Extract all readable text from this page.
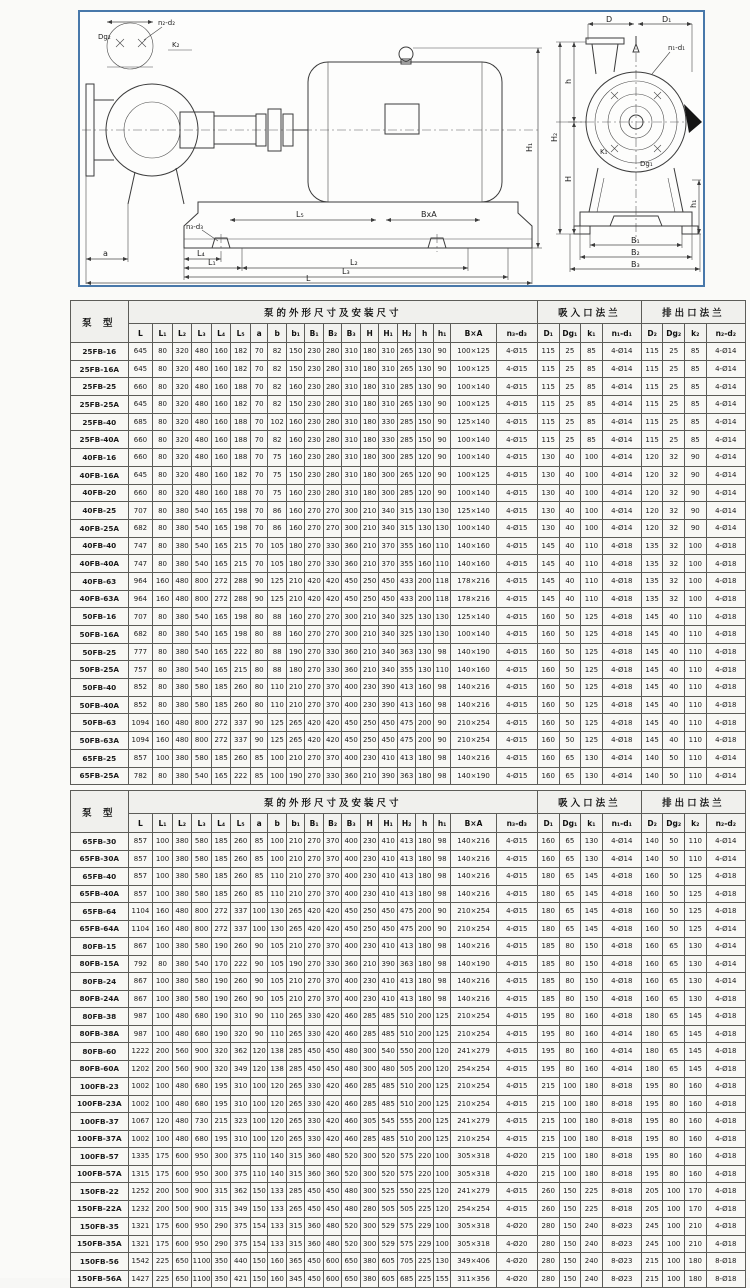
Dg₂
n₂-d₂
K₂
L₅	BxA
n₃-d₃
a	L₄
L₁	L₂
L₃
L
H₁
D	D₁
n₁-d₁
K₁
Dg₁
h
H
H₂
h₁
B₁
B₂
B₃
泵 型	泵的外形尺寸及安装尺寸																			吸入口法兰				排出口法兰			
	L	L₁	L₂	L₃	L₄	L₅	a	b	b₁	B₁	B₂	B₃	H	H₁	H₂	h	h₁	B×A	n₃-d₃	D₁	Dg₁	k₁	n₁-d₁	D₂	Dg₂	k₂	n₂-d₂
25FB-16	645	80	320	480	160	182	70	82	150	230	280	310	180	310	265	130	90	100×125	4-Ø15	115	25	85	4-Ø14	115	25	85	4-Ø14
25FB-16A	645	80	320	480	160	182	70	82	150	230	280	310	180	310	265	130	90	100×125	4-Ø15	115	25	85	4-Ø14	115	25	85	4-Ø14
25FB-25	660	80	320	480	160	188	70	82	160	230	280	310	180	310	285	130	90	100×140	4-Ø15	115	25	85	4-Ø14	115	25	85	4-Ø14
25FB-25A	645	80	320	480	160	182	70	82	150	230	280	310	180	310	265	130	90	100×125	4-Ø15	115	25	85	4-Ø14	115	25	85	4-Ø14
25FB-40	685	80	320	480	160	188	70	102	160	230	280	310	180	330	285	150	90	125×140	4-Ø15	115	25	85	4-Ø14	115	25	85	4-Ø14
25FB-40A	660	80	320	480	160	188	70	82	160	230	280	310	180	330	285	150	90	100×140	4-Ø15	115	25	85	4-Ø14	115	25	85	4-Ø14
40FB-16	660	80	320	480	160	188	70	75	160	230	280	310	180	300	285	120	90	100×140	4-Ø15	130	40	100	4-Ø14	120	32	90	4-Ø14
40FB-16A	645	80	320	480	160	182	70	75	150	230	280	310	180	300	265	120	90	100×125	4-Ø15	130	40	100	4-Ø14	120	32	90	4-Ø14
40FB-20	660	80	320	480	160	188	70	75	160	230	280	310	180	300	285	120	90	100×140	4-Ø15	130	40	100	4-Ø14	120	32	90	4-Ø14
40FB-25	707	80	380	540	165	198	70	86	160	270	270	300	210	340	315	130	130	125×140	4-Ø15	130	40	100	4-Ø14	120	32	90	4-Ø14
40FB-25A	682	80	380	540	165	198	70	86	160	270	270	300	210	340	315	130	130	100×140	4-Ø15	130	40	100	4-Ø14	120	32	90	4-Ø14
40FB-40	747	80	380	540	165	215	70	105	180	270	330	360	210	370	355	160	110	140×160	4-Ø15	145	40	110	4-Ø18	135	32	100	4-Ø18
40FB-40A	747	80	380	540	165	215	70	105	180	270	330	360	210	370	355	160	110	140×160	4-Ø15	145	40	110	4-Ø18	135	32	100	4-Ø18
40FB-63	964	160	480	800	272	288	90	125	210	420	420	450	250	450	433	200	118	178×216	4-Ø15	145	40	110	4-Ø18	135	32	100	4-Ø18
40FB-63A	964	160	480	800	272	288	90	125	210	420	420	450	250	450	433	200	118	178×216	4-Ø15	145	40	110	4-Ø18	135	32	100	4-Ø18
50FB-16	707	80	380	540	165	198	80	88	160	270	270	300	210	340	325	130	130	125×140	4-Ø15	160	50	125	4-Ø18	145	40	110	4-Ø18
50FB-16A	682	80	380	540	165	198	80	88	160	270	270	300	210	340	325	130	130	100×140	4-Ø15	160	50	125	4-Ø18	145	40	110	4-Ø18
50FB-25	777	80	380	540	165	222	80	88	190	270	330	360	210	340	363	130	98	140×190	4-Ø15	160	50	125	4-Ø18	145	40	110	4-Ø18
50FB-25A	757	80	380	540	165	215	80	88	180	270	330	360	210	340	355	130	110	140×160	4-Ø15	160	50	125	4-Ø18	145	40	110	4-Ø18
50FB-40	852	80	380	580	185	260	80	110	210	270	370	400	230	390	413	160	98	140×216	4-Ø15	160	50	125	4-Ø18	145	40	110	4-Ø18
50FB-40A	852	80	380	580	185	260	80	110	210	270	370	400	230	390	413	160	98	140×216	4-Ø15	160	50	125	4-Ø18	145	40	110	4-Ø18
50FB-63	1094	160	480	800	272	337	90	125	265	420	420	450	250	450	475	200	90	210×254	4-Ø15	160	50	125	4-Ø18	145	40	110	4-Ø18
50FB-63A	1094	160	480	800	272	337	90	125	265	420	420	450	250	450	475	200	90	210×254	4-Ø15	160	50	125	4-Ø18	145	40	110	4-Ø18
65FB-25	857	100	380	580	185	260	85	100	210	270	370	400	230	410	413	180	98	140×216	4-Ø15	160	65	130	4-Ø14	140	50	110	4-Ø14
65FB-25A	782	80	380	540	165	222	85	100	190	270	330	360	210	390	363	180	98	140×190	4-Ø15	160	65	130	4-Ø14	140	50	110	4-Ø14
泵 型	泵的外形尺寸及安装尺寸																			吸入口法兰				排出口法兰			
	L	L₁	L₂	L₃	L₄	L₅	a	b	b₁	B₁	B₂	B₃	H	H₁	H₂	h	h₁	B×A	n₃-d₃	D₁	Dg₁	k₁	n₁-d₁	D₂	Dg₂	k₂	n₂-d₂
65FB-30	857	100	380	580	185	260	85	100	210	270	370	400	230	410	413	180	98	140×216	4-Ø15	160	65	130	4-Ø14	140	50	110	4-Ø14
65FB-30A	857	100	380	580	185	260	85	100	210	270	370	400	230	410	413	180	98	140×216	4-Ø15	160	65	130	4-Ø14	140	50	110	4-Ø14
65FB-40	857	100	380	580	185	260	85	110	210	270	370	400	230	410	413	180	98	140×216	4-Ø15	180	65	145	4-Ø18	160	50	125	4-Ø18
65FB-40A	857	100	380	580	185	260	85	110	210	270	370	400	230	410	413	180	98	140×216	4-Ø15	180	65	145	4-Ø18	160	50	125	4-Ø18
65FB-64	1104	160	480	800	272	337	100	130	265	420	420	450	250	450	475	200	90	210×254	4-Ø15	180	65	145	4-Ø18	160	50	125	4-Ø18
65FB-64A	1104	160	480	800	272	337	100	130	265	420	420	450	250	450	475	200	90	210×254	4-Ø15	180	65	145	4-Ø18	160	50	125	4-Ø14
80FB-15	867	100	380	580	190	260	90	105	210	270	370	400	230	410	413	180	98	140×216	4-Ø15	185	80	150	4-Ø18	160	65	130	4-Ø14
80FB-15A	792	80	380	540	170	222	90	105	190	270	330	360	210	390	363	180	98	140×190	4-Ø15	185	80	150	4-Ø18	160	65	130	4-Ø14
80FB-24	867	100	380	580	190	260	90	105	210	270	370	400	230	410	413	180	98	140×216	4-Ø15	185	80	150	4-Ø18	160	65	130	4-Ø14
80FB-24A	867	100	380	580	190	260	90	105	210	270	370	400	230	410	413	180	98	140×216	4-Ø15	185	80	150	4-Ø18	160	65	130	4-Ø18
80FB-38	987	100	480	680	190	310	90	110	265	330	420	460	285	485	510	200	125	210×254	4-Ø15	195	80	160	4-Ø18	180	65	145	4-Ø18
80FB-38A	987	100	480	680	190	320	90	110	265	330	420	460	285	485	510	200	125	210×254	4-Ø15	195	80	160	4-Ø14	180	65	145	4-Ø18
80FB-60	1222	200	560	900	320	362	120	138	285	450	450	480	300	540	550	200	120	241×279	4-Ø15	195	80	160	4-Ø14	180	65	145	4-Ø18
80FB-60A	1202	200	560	900	320	349	120	138	285	450	450	480	300	480	505	200	120	254×254	4-Ø15	195	80	160	4-Ø14	180	65	145	4-Ø18
100FB-23	1002	100	480	680	195	310	100	120	265	330	420	460	285	485	510	200	125	210×254	4-Ø15	215	100	180	8-Ø18	195	80	160	4-Ø18
100FB-23A	1002	100	480	680	195	310	100	120	265	330	420	460	285	485	510	200	125	210×254	4-Ø15	215	100	180	8-Ø18	195	80	160	4-Ø18
100FB-37	1067	120	480	730	215	323	100	120	265	330	420	460	305	545	555	200	125	241×279	4-Ø15	215	100	180	8-Ø18	195	80	160	4-Ø18
100FB-37A	1002	100	480	680	195	310	100	120	265	330	420	460	285	485	510	200	125	210×254	4-Ø15	215	100	180	8-Ø18	195	80	160	4-Ø18
100FB-57	1335	175	600	950	300	375	110	140	315	360	480	520	300	520	575	220	100	305×318	4-Ø20	215	100	180	8-Ø18	195	80	160	4-Ø18
100FB-57A	1315	175	600	950	300	375	110	140	315	360	360	520	300	520	575	220	100	305×318	4-Ø20	215	100	180	8-Ø18	195	80	160	4-Ø18
150FB-22	1252	200	500	900	315	362	150	133	285	450	450	480	300	525	550	225	120	241×279	4-Ø15	260	150	225	8-Ø18	205	100	170	4-Ø18
150FB-22A	1232	200	500	900	315	349	150	133	265	450	450	480	280	505	505	225	120	254×254	4-Ø15	260	150	225	8-Ø18	205	100	170	4-Ø18
150FB-35	1321	175	600	950	290	375	154	133	315	360	480	520	300	529	575	229	100	305×318	4-Ø20	280	150	240	8-Ø23	245	100	210	4-Ø18
150FB-35A	1321	175	600	950	290	375	154	133	315	360	480	520	300	529	575	229	100	305×318	4-Ø20	280	150	240	8-Ø23	245	100	210	4-Ø18
150FB-56	1542	225	650	1100	350	440	150	160	365	450	600	650	380	605	705	225	130	349×406	4-Ø20	280	150	240	8-Ø23	215	100	180	8-Ø18
150FB-56A	1427	225	650	1100	350	421	150	160	345	450	600	650	380	605	685	225	155	311×356	4-Ø20	280	150	240	8-Ø23	215	100	180	8-Ø18
